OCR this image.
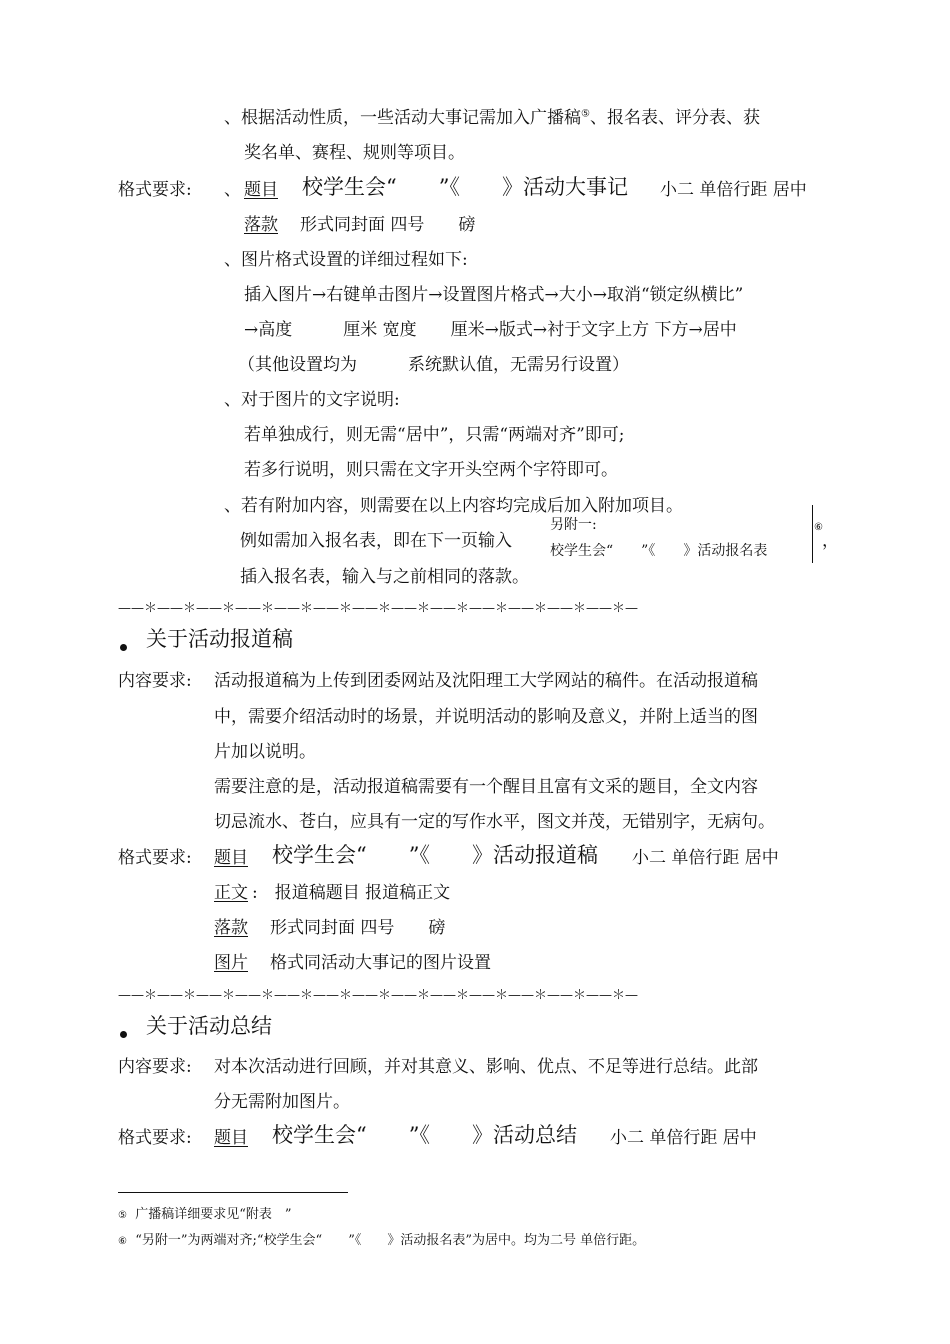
、根据活动性质，一些活动大事记需加入广播稿⑤、报名表、评分表、获
奖名单、赛程、规则等项目。
格式要求: 、 题目 校学生会“　　”《　　》活动大事记 小二 单倍行距 居中
落款 形式同封面 四号　　磅
、图片格式设置的详细过程如下:
插入图片→右键单击图片→设置图片格式→大小→取消“锁定纵横比”
→高度　　　厘米 宽度　　厘米→版式→衬于文字上方 下方→居中
（其他设置均为　　　系统默认值，无需另行设置）
、对于图片的文字说明:
若单独成行，则无需“居中”，只需“两端对齐”即可;
若多行说明，则只需在文字开头空两个字符即可。
、若有附加内容，则需要在以上内容均完成后加入附加项目。
例如需加入报名表，即在下一页输入
另附一:
校学生会“　　”《　　》活动报名表
⑥
，
插入报名表，输入与之前相同的落款。
——＊——＊——＊——＊——＊——＊——＊——＊——＊——＊——＊——＊——＊—
关于活动报道稿
内容要求: 活动报道稿为上传到团委网站及沈阳理工大学网站的稿件。在活动报道稿
中，需要介绍活动时的场景，并说明活动的影响及意义，并附上适当的图
片加以说明。
需要注意的是，活动报道稿需要有一个醒目且富有文采的题目，全文内容
切忌流水、苍白，应具有一定的写作水平，图文并茂，无错别字，无病句。
格式要求: 题目 校学生会“　　”《　　》活动报道稿 小二 单倍行距 居中
正文 :　报道稿题目 报道稿正文
落款 形式同封面 四号　　磅
图片 格式同活动大事记的图片设置
——＊——＊——＊——＊——＊——＊——＊——＊——＊——＊——＊——＊——＊—
关于活动总结
内容要求: 对本次活动进行回顾，并对其意义、影响、优点、不足等进行总结。此部
分无需附加图片。
格式要求: 题目 校学生会“　　”《　　》活动总结 小二 单倍行距 居中
⑤ 广播稿详细要求见“附表　”
⑥ “另附一”为两端对齐;“校学生会“　　”《　　》活动报名表”为居中。均为二号 单倍行距。
